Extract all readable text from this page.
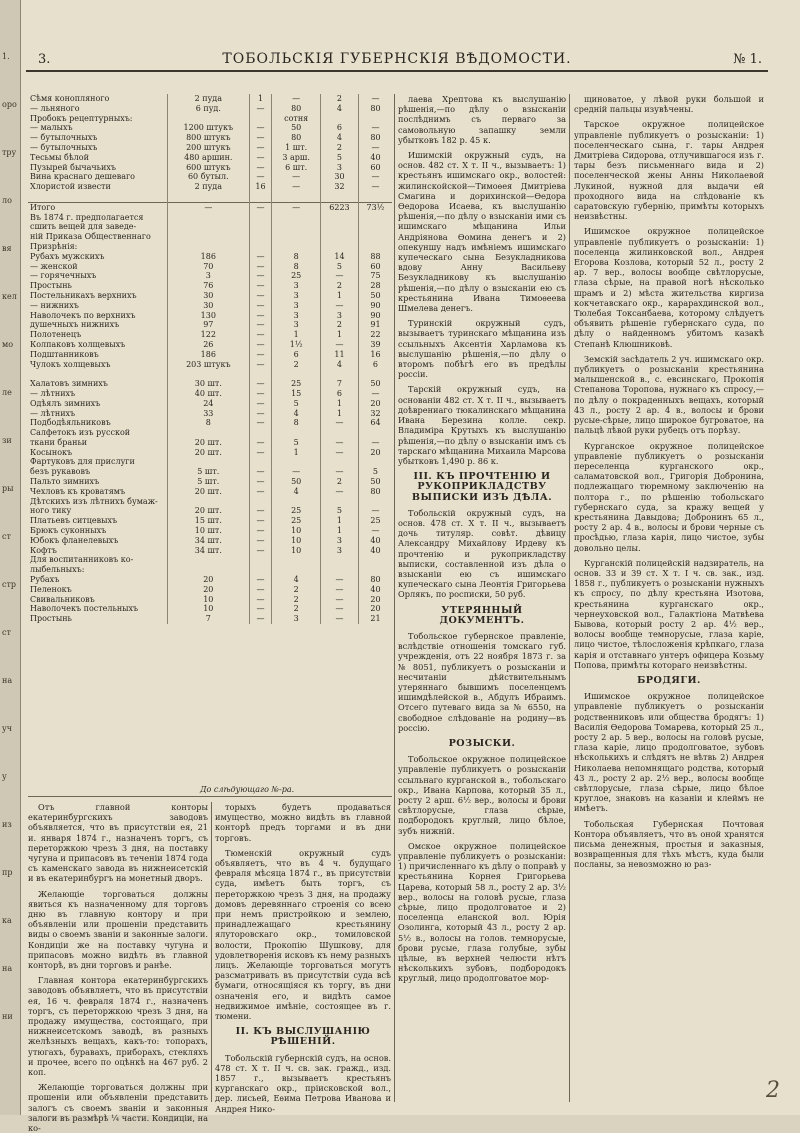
1.
оро
тру
ло
вя
кел
мо
ле
зи
ры
ст
стр
ст
на
уч
у
из
пр
ка
на
ни
3.	ТОБОЛЬСКІЯ ГУБЕРНСКІЯ ВѢДОМОСТИ.	№ 1.
Сѣмя конопляного	2 пуда	1	—	2	—
— льняного	6 пуд.	—	80	4	80
Пробокъ рецептурныхъ:			сотня		
— малыхъ	1200 штукъ	—	50	6	—
— бутылочныхъ	800 штукъ	—	80	4	80
— бутылочныхъ	200 штукъ	—	1 шт.	2	—
Тесьмы бѣлой	480 аршин.	—	3 арш.	5	40
Пузырей бычачьихъ	600 штукъ	—	6 шт.	3	60
Вина краснаго дешеваго	60 бутыл.	—	—	30	—
Хлористой извести	2 пуда	16	—	32	—

Итого	—	—	—	6223	73½
Въ 1874 г. предполагается					
сшить вещей для заведе-					
ній Приказа Общественнаго					
Призрѣнія:					
Рубахъ мужскихъ	186	—	8	14	88
— женской	70	—	8	5	60
— горячечныхъ	3	—	25	—	75
Простынь	76	—	3	2	28
Постельникахъ верхнихъ	30	—	3	1	50
— нижнихъ	30	—	3	—	90
Наволочекъ по верхнихъ	130	—	3	3	90
душечныхъ нижнихъ	97	—	3	2	91
Полотенецъ	122	—	1	1	22
Колпаковъ холщевыхъ	26	—	1½	—	39
Подштанниковъ	186	—	6	11	16
Чулокъ холщевыхъ	203 штукъ	—	2	4	6

Халатовъ зимнихъ	30 шт.	—	25	7	50
— лѣтнихъ	40 шт.	—	15	6	—
Одѣялъ зимнихъ	24	—	5	1	20
— лѣтнихъ	33	—	4	1	32
Подбодѣяльниковъ	8	—	8	—	64
Салфетокъ изъ русской					
ткани браньи	20 шт.	—	5	—	—
Косынокъ	20 шт.	—	1	—	20
Фартуковъ для прислуги					
безъ рукавовъ	5 шт.	—	—	—	5
Пальто зимнихъ	5 шт.	—	50	2	50
Чехловъ къ кроватямъ	20 шт.	—	4	—	80
Дѣтскихъ изъ лѣтнихъ бумаж-					
ного тику	20 шт.	—	25	5	—
Платьевъ ситцевыхъ	15 шт.	—	25	1	25
Брюкъ суконныхъ	10 шт.	—	10	1	—
Юбокъ фланелевыхъ	34 шт.	—	10	3	40
Кофтъ	34 шт.	—	10	3	40
Для воспитанниковъ ко-					
лыбельныхъ:					
Рубахъ	20	—	4	—	80
Пеленокъ	20	—	2	—	40
Свивальниковъ	10	—	2	—	20
Наволочекъ постельныхъ	10	—	2	—	20
Простынь	7	—	3	—	21
До слѣдующаго №-ра.

Отъ главной конторы екатеринбургскихъ заводовъ объявляется, что въ присутствіи ея, 21 и. января 1874 г., назначенъ торгъ, съ переторжкою чрезъ 3 дня, на поставку чугуна и припасовъ въ теченіи 1874 года съ каменскаго завода въ нижнеисетскій и въ екатеринбургъ на монетный дворъ.

Желающіе торговаться должны явиться къ назначенному для торговъ дню въ главную контору и при объявленіи или прошеніи представить виды о своемъ званіи и законные залоги. Кондиціи же на поставку чугуна и припасовъ можно видѣть въ главной конторѣ, въ дни торговъ и ранѣе.

Главная контора екатеринбургскихъ заводовъ объявляетъ, что въ присутствіи ея, 16 ч. февраля 1874 г., назначенъ торгъ, съ переторжкою чрезъ 3 дня, на продажу имущества, состоящаго, при нижнеисетскомъ заводѣ, въ разныхъ желѣзныхъ вещахъ, какъ-то: топорахъ, утюгахъ, буравахъ, приборахъ, стекляхъ и прочее, всего по оцѣнкѣ на 467 руб. 2 коп.

Желающіе торговаться должны при прошеніи или объявленіи представить залогъ съ своемъ званіи и законныя залоги въ размѣрѣ ¼ части. Кондиціи, на ко-

торыхъ будетъ продаваться имущество, можно видѣть въ главной конторѣ предъ торгами и въ дни торговъ.

Тюменскій окружный судъ объявляетъ, что въ 4 ч. будущаго февраля мѣсяца 1874 г., въ присутствіи суда, имѣетъ быть торгъ, съ переторжкою чрезъ 3 дня, на продажу домовъ деревяннаго строенія со всею при немъ пристройкою и землею, принадлежащаго крестьянину ялуторовскаго окр., томиловской волости, Прокопію Шушкову, для удовлетворенія исковъ къ нему разныхъ лицъ. Желающіе торговаться могутъ разсматривать въ присутствіи суда всѣ бумаги, относящіяся къ торгу, въ дни означенія его, и видѣть самое недвижимое имѣніе, состоящее въ г. тюмени.

II. КЪ ВЫСЛУШАНІЮ РѢШЕНІЙ.

Тобольскій губернскій судъ, на основ. 478 ст. Х т. II ч. св. зак. гражд., изд. 1857 г., вызываетъ крестьянъ курганскаго окр., пріисковской вол., дер. лисьей, Еѳима Петрова Иванова и Андрея Нико-

лаева Хрептова къ выслушанію рѣшенія,—по дѣлу о взысканіи послѣднимъ съ перваго за самовольную запашку земли убытковъ 182 р. 45 к.

Ишимскій окружный судъ, на основ. 482 ст. Х т. II ч., вызываетъ: 1) крестьянъ ишимскаго окр., волостей: жилинскойской—Тимоѳея Дмитріева Смагина и дорихинской—Ѳедора Ѳедорова Исаева, къ выслушанію рѣшенія,—по дѣлу о взысканіи ими съ ишимскаго мѣщанина Ильи Андріянова Ѳомина денегъ и 2) опекуншу надъ имѣніемъ ишимскаго купеческаго сына Безукладникова вдову Анну Васильеву Безукладникову къ выслушанію рѣшенія,—по дѣлу о взысканіи ею съ крестьянина Ивана Тимоѳеева Шмелева денегъ.

Туринскій окружный судъ, вызываетъ туринскаго мѣщанина изъ ссыльныхъ Аксентія Харламова къ выслушанію рѣшенія,—по дѣлу о второмъ побѣгѣ его въ предѣлы россіи.

Тарскій окружный судъ, на основаніи 482 ст. Х т. II ч., вызываетъ доѣврениаго тюкалинскаго мѣщанина Ивана Березина колле. секр. Владиміра Крутыхъ къ выслушанію рѣшенія,—по дѣлу о взысканіи имъ съ тарскаго мѣщанина Михаила Марсова убытковъ 1,490 р. 86 к.

III. КЪ ПРОЧТЕНІЮ И РУКОПРИКЛАДСТВУ ВЫПИСКИ ИЗЪ ДѢЛА.

Тобольскій окружный судъ, на основ. 478 ст. Х т. II ч., вызываетъ дочь титуляр. совѣт. дѣвицу Александру Михайлову Ирдеву къ прочтенію и рукоприкладству выписки, составленной изъ дѣла о взысканіи ею съ ишимскаго купеческаго сына Леонтія Григорьева Орлякъ, по росписки, 50 руб.

УТЕРЯННЫЙ ДОКУМЕНТЪ.

Тобольское губернское правленіе, вслѣдствіе отношенія томскаго губ. учрежденія, отъ 22 ноября 1873 г. за № 8051, публикуетъ о розысканіи и несчитаніи дѣйствительнымъ утеряннаго бывшимъ поселенцемъ ишимдѣлейской в., Абдулъ Ибраимъ. Отсего путеваго вида за № 6550, на свободное слѣдованіе на родину—въ россію.

РОЗЫСКИ.

Тобольское окружное полицейское управленіе публикуетъ о розысканіи ссыльнаго курганской в., тобольскаго окр., Ивана Карпова, который 35 л., росту 2 арш. 6½ вер., волосы и брови свѣтлорусые, глаза сѣрые, подбородокъ круглый, лицо бѣлое, зубъ нижній.

Омское окружное полицейское управленіе публикуетъ о розысканіи: 1) причисленнаго къ дѣлу о поправѣ у крестьянина Корнея Григорьева Царева, который 58 л., росту 2 ар. 3½ вер., волосы на головѣ русые, глаза сѣрые, лицо продолговатое и 2) поселенца еланской вол. Юрія Озолинга, который 43 л., росту 2 ар. 5½ в., волосы на голов. темнорусые, брови русые, глаза голубые, зубы цѣлые, въ верхней челюсти нѣтъ нѣсколькихъ зубовъ, подбородокъ круглый, лицо продолговатое мор-

щиноватое, у лѣвой руки большой и средній пальцы изувѣчены.

Тарское окружное полицейское управленіе публикуетъ о розысканіи: 1) поселенческаго сына, г. тары Андрея Дмитріева Сидорова, отлучившагося изъ г. тары безъ письменнаго вида и 2) поселенческой жены Анны Николаевой Лукиной, нужной для выдачи ей проходного вида на слѣдованіе къ саратовскую губернію, примѣты которыхъ неизвѣстны.

Ишимское окружное полицейское управленіе публикуетъ о розысканіи: 1) поселенца жилинковской вол., Андрея Егорова Козлова, который 52 л., росту 2 ар. 7 вер., волосы вообще свѣтлорусые, глаза сѣрые, на правой ногѣ нѣсколько шрамъ и 2) мѣста жительства киргиза кокчетавскаго окр., карарахдинской вол., Тюлебая Токсанбаева, которому слѣдуетъ объявить рѣшеніе губернскаго суда, по дѣлу о найденномъ убитомъ казакѣ Степанѣ Клюшниковѣ.

Земскій засѣдатель 2 уч. ишимскаго окр. публикуетъ о розысканіи крестьянина малышенской в., с. евсинскаго, Прокопія Степанова Торопова, нужнаго къ спросу,—по дѣлу о покраденныхъ вещахъ, который 43 л., росту 2 ар. 4 в., волосы и брови русые-сѣрые, лицо широкое бугроватое, на пальцѣ лѣвой руки рубецъ отъ порѣзу.

Курганское окружное полицейское управленіе публикуетъ о розысканіи переселенца курганского окр., саламатовской вол., Григорія Добронина, подлежащаго тюремному заключенію на полтора г., по рѣшенію тобольскаго губернскаго суда, за кражу вещей у крестьянина Давыдова; Добронинъ 65 л., росту 2 ар. 4 в., волосы и брови черные съ просѣдью, глаза карія, лицо чистое, зубы довольно целы.

Курганскій полицейскій надзиратель, на основ. 33 и 39 ст. Х т. I ч. св. зак., изд. 1858 г., публикуетъ о розысканіи нужныхъ къ спросу, по дѣлу крестьяна Изотова, крестьянина курганскаго окр., чернеуховской вол., Галактіона Матвѣева Бывова, который росту 2 ар. 4½ вер., волосы вообще темнорусые, глаза каріе, лицо чистое, тѣлосложенія крѣпкаго, глаза карія и отставнаго унтеръ офицера Козьму Попова, примѣты котораго неизвѣстны.

БРОДЯГИ.

Ишимское окружное полицейское управленіе публикуетъ о розысканіи родственниковъ или общества бродягъ: 1) Василія Ѳедорова Томарева, который 25 л., росту 2 ар. 5 вер., волосы на головѣ русые, глаза каріе, лицо продолговатое, зубовъ нѣсколькихъ и слѣдятъ не вѣтвь 2) Андрея Николаева непомнящаго родства, который 43 л., росту 2 ар. 2½ вер., волосы вообще свѣтлорусые, глаза сѣрые, лицо бѣлое круглое, знаковъ на казаніи и клеймъ не имѣетъ.

Тобольская Губернская Почтовая Контора объявляетъ, что въ оной хранятся письма денежныя, простыя и заказныя, возвращенныя для тѣхъ мѣстъ, куда были посланы, за невозможно ю раз-

2
